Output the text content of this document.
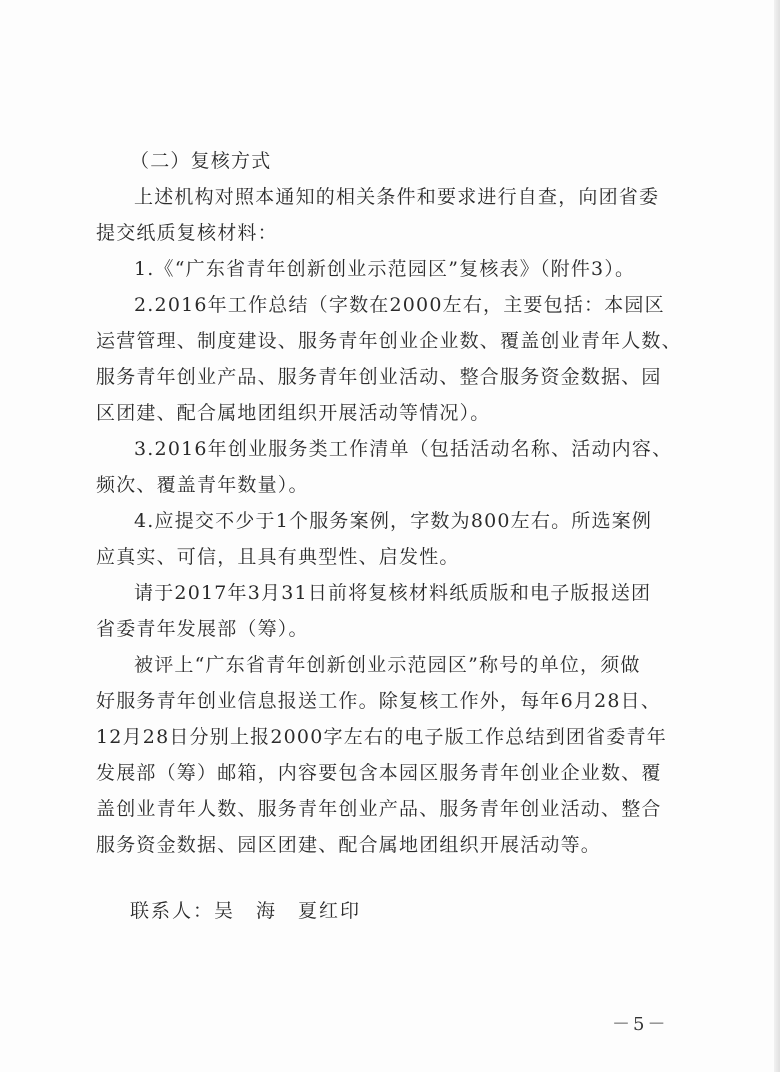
（二）复核方式
上述机构对照本通知的相关条件和要求进行自查，向团省委
提交纸质复核材料：
1.《“广东省青年创新创业示范园区”复核表》（附件3）。
2.2016年工作总结（字数在2000左右，主要包括：本园区
运营管理、制度建设、服务青年创业企业数、覆盖创业青年人数、
服务青年创业产品、服务青年创业活动、整合服务资金数据、园
区团建、配合属地团组织开展活动等情况）。
3.2016年创业服务类工作清单（包括活动名称、活动内容、
频次、覆盖青年数量）。
4.应提交不少于1个服务案例，字数为800左右。所选案例
应真实、可信，且具有典型性、启发性。
请于2017年3月31日前将复核材料纸质版和电子版报送团
省委青年发展部（筹）。
被评上“广东省青年创新创业示范园区”称号的单位，须做
好服务青年创业信息报送工作。除复核工作外，每年6月28日、
12月28日分别上报2000字左右的电子版工作总结到团省委青年
发展部（筹）邮箱，内容要包含本园区服务青年创业企业数、覆
盖创业青年人数、服务青年创业产品、服务青年创业活动、整合
服务资金数据、园区团建、配合属地团组织开展活动等。
联系人：吴　海　夏红印
－5－
